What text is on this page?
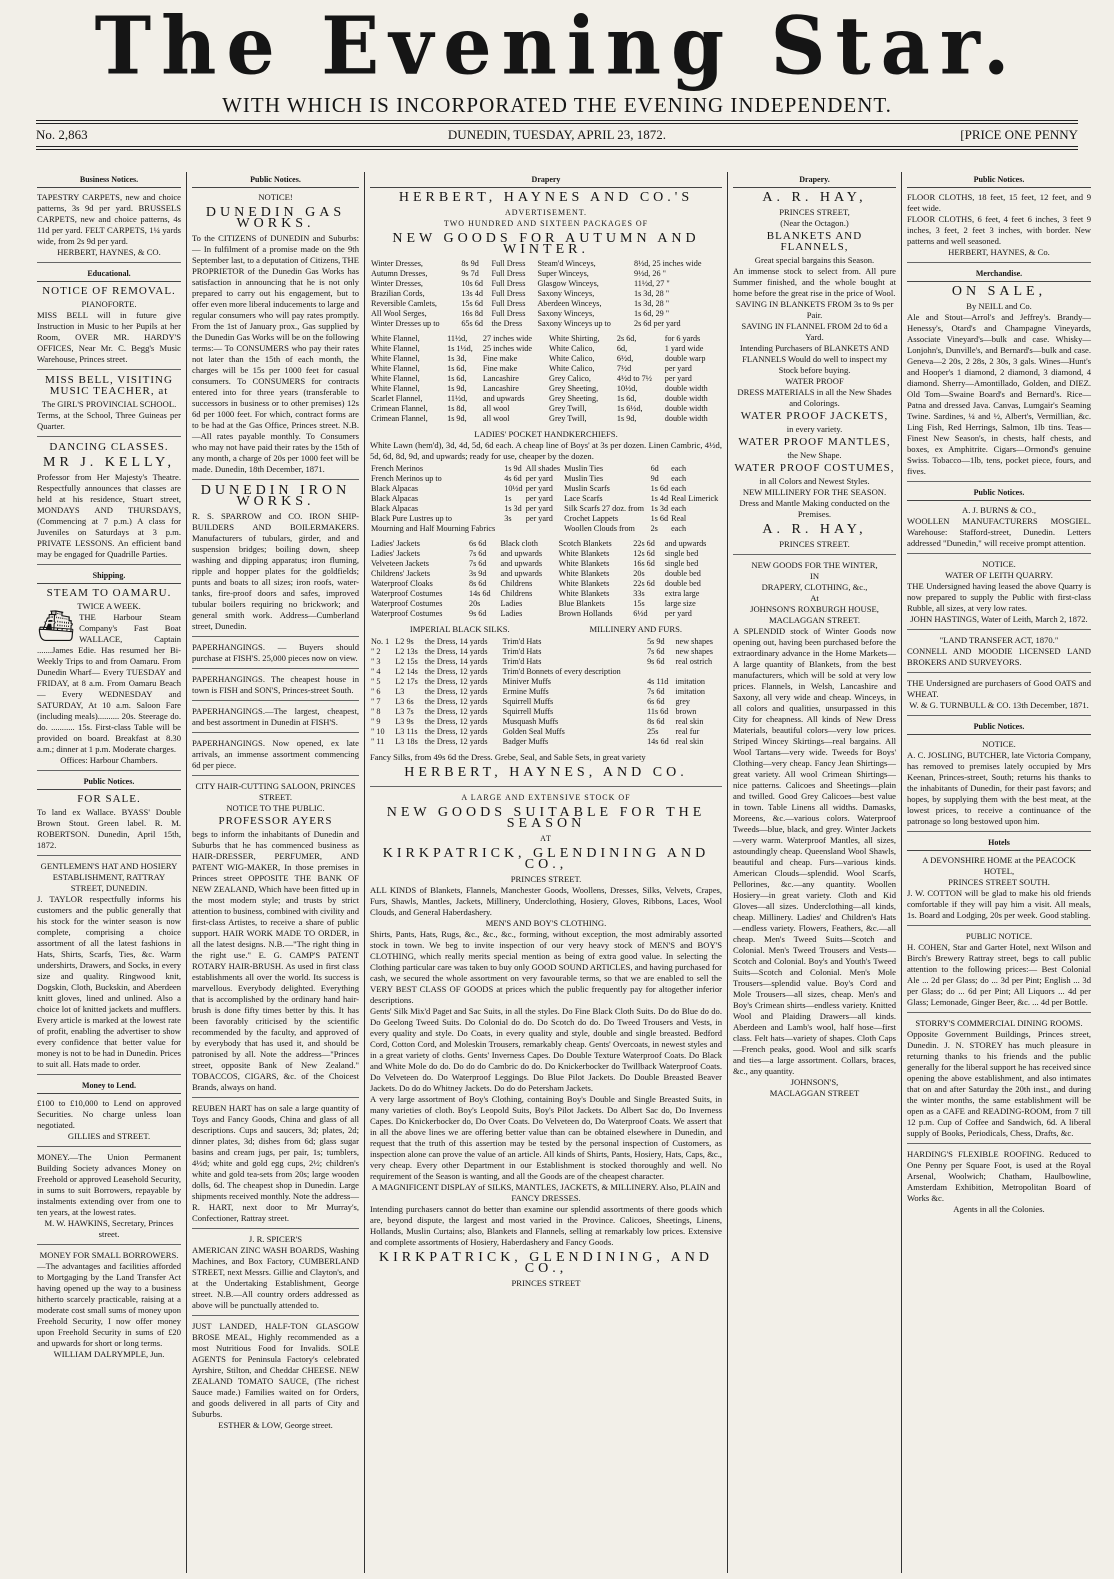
The Evening Star.
WITH WHICH IS INCORPORATED THE EVENING INDEPENDENT.
No. 2,863	DUNEDIN, TUESDAY, APRIL 23, 1872.	[PRICE ONE PENNY
Business Notices.
TAPESTRY CARPETS, new and choice patterns, 3s 9d per yard. BRUSSELS CARPETS, new and choice patterns, 4s 11d per yard. FELT CARPETS, 1¼ yards wide, from 2s 9d per yard.
HERBERT, HAYNES, & CO.
Educational.
NOTICE OF REMOVAL.
PIANOFORTE.
MISS BELL will in future give Instruction in Music to her Pupils at her Room, OVER MR. HARDY'S OFFICES, Near Mr. C. Begg's Music Warehouse, Princes street.
MISS BELL, VISITING MUSIC TEACHER, at
The GIRL'S PROVINCIAL SCHOOL.
Terms, at the School, Three Guineas per Quarter.
DANCING CLASSES.
MR J. KELLY,
Professor from Her Majesty's Theatre. Respectfully announces that classes are held at his residence, Stuart street, MONDAYS AND THURSDAYS, (Commencing at 7 p.m.) A class for Juveniles on Saturdays at 3 p.m. PRIVATE LESSONS. An efficient band may be engaged for Quadrille Parties.
Shipping.
STEAM TO OAMARU.
TWICE A WEEK.
⛴ THE Harbour Steam Company's Fast Boat WALLACE, Captain .......James Edie. Has resumed her Bi-Weekly Trips to and from Oamaru. From Dunedin Wharf— Every TUESDAY and FRIDAY, at 8 a.m. From Oamaru Beach— Every WEDNESDAY and SATURDAY, At 10 a.m. Saloon Fare (including meals).......... 20s. Steerage do. do. ........... 15s. First-class Table will be provided on board. Breakfast at 8.30 a.m.; dinner at 1 p.m. Moderate charges.
Offices: Harbour Chambers.
Public Notices.
FOR SALE.
To land ex Wallace. BYASS' Double Brown Stout. Green label. R. M. ROBERTSON. Dunedin, April 15th, 1872.
GENTLEMEN'S HAT AND HOSIERY ESTABLISHMENT, RATTRAY STREET, DUNEDIN.
J. TAYLOR respectfully informs his customers and the public generally that his stock for the winter season is now complete, comprising a choice assortment of all the latest fashions in Hats, Shirts, Scarfs, Ties, &c. Warm undershirts, Drawers, and Socks, in every size and quality. Ringwood knit, Dogskin, Cloth, Buckskin, and Aberdeen knitt gloves, lined and unlined. Also a choice lot of knitted jackets and mufflers. Every article is marked at the lowest rate of profit, enabling the advertiser to show every confidence that better value for money is not to be had in Dunedin. Prices to suit all. Hats made to order.
Money to Lend.
£100 to £10,000 to Lend on approved Securities. No charge unless loan negotiated.
GILLIES and STREET.
MONEY.—The Union Permanent Building Society advances Money on Freehold or approved Leasehold Security, in sums to suit Borrowers, repayable by instalments extending over from one to ten years, at the lowest rates.
M. W. HAWKINS, Secretary, Princes street.
MONEY FOR SMALL BORROWERS.
—The advantages and facilities afforded to Mortgaging by the Land Transfer Act having opened up the way to a business hitherto scarcely practicable, raising at a moderate cost small sums of money upon Freehold Security, I now offer money upon Freehold Security in sums of £20 and upwards for short or long terms.
WILLIAM DALRYMPLE, Jun.
Public Notices.
NOTICE!
DUNEDIN GAS WORKS.
To the CITIZENS of DUNEDIN and Suburbs:— In fulfilment of a promise made on the 9th September last, to a deputation of Citizens, THE PROPRIETOR of the Dunedin Gas Works has satisfaction in announcing that he is not only prepared to carry out his engagement, but to offer even more liberal inducements to large and regular consumers who will pay rates promptly. From the 1st of January prox., Gas supplied by the Dunedin Gas Works will be on the following terms:— To CONSUMERS who pay their rates not later than the 15th of each month, the charges will be 15s per 1000 feet for casual consumers. To CONSUMERS for contracts entered into for three years (transferable to successors in business or to other premises) 12s 6d per 1000 feet. For which, contract forms are to be had at the Gas Office, Princes street. N.B.—All rates payable monthly. To Consumers who may not have paid their rates by the 15th of any month, a charge of 20s per 1000 feet will be made. Dunedin, 18th December, 1871.
DUNEDIN IRON WORKS.
R. S. SPARROW and CO. IRON SHIP-BUILDERS AND BOILERMAKERS. Manufacturers of tubulars, girder, and and suspension bridges; boiling down, sheep washing and dipping apparatus; iron fluming, ripple and hopper plates for the goldfields; punts and boats to all sizes; iron roofs, water-tanks, fire-proof doors and safes, improved tubular boilers requiring no brickwork; and general smith work. Address—Cumberland street, Dunedin.
PAPERHANGINGS. — Buyers should purchase at FISH'S. 25,000 pieces now on view.
PAPERHANGINGS. The cheapest house in town is FISH and SON'S, Princes-street South.
PAPERHANGINGS.—The largest, cheapest, and best assortment in Dunedin at FISH'S.
PAPERHANGINGS. Now opened, ex late arrivals, an immense assortment commencing 6d per piece.
CITY HAIR-CUTTING SALOON, PRINCES STREET.
NOTICE TO THE PUBLIC.
PROFESSOR AYERS
begs to inform the inhabitants of Dunedin and Suburbs that he has commenced business as HAIR-DRESSER, PERFUMER, AND PATENT WIG-MAKER, In those premises in Princes street OPPOSITE THE BANK OF NEW ZEALAND, Which have been fitted up in the most modern style; and trusts by strict attention to business, combined with civility and first-class Artistes, to receive a share of public support. HAIR WORK MADE TO ORDER, in all the latest designs. N.B.—"The right thing in the right use." E. G. CAMP'S PATENT ROTARY HAIR-BRUSH. As used in first class establishments all over the world. Its success is marvellous. Everybody delighted. Everything that is accomplished by the ordinary hand hair-brush is done fifty times better by this. It has been favorably criticised by the scientific recommended by the faculty, and approved of by everybody that has used it, and should be patronised by all. Note the address—"Princes street, opposite Bank of New Zealand." TOBACCOS, CIGARS, &c. of the Choicest Brands, always on hand.
REUBEN HART has on sale a large quantity of Toys and Fancy Goods, China and glass of all descriptions. Cups and saucers, 3d; plates, 2d; dinner plates, 3d; dishes from 6d; glass sugar basins and cream jugs, per pair, 1s; tumblers, 4½d; white and gold egg cups, 2½; children's white and gold tea-sets from 20s; large wooden dolls, 6d. The cheapest shop in Dunedin. Large shipments received monthly. Note the address—R. HART, next door to Mr Murray's, Confectioner, Rattray street.
J. R. SPICER'S
AMERICAN ZINC WASH BOARDS, Washing Machines, and Box Factory, CUMBERLAND STREET, next Messrs. Gillie and Clayton's, and at the Undertaking Establishment, George street. N.B.—All country orders addressed as above will be punctually attended to.
JUST LANDED, HALF-TON GLASGOW BROSE MEAL, Highly recommended as a most Nutritious Food for Invalids. SOLE AGENTS for Peninsula Factory's celebrated Ayrshire, Stilton, and Cheddar CHEESE. NEW ZEALAND TOMATO SAUCE, (The richest Sauce made.) Families waited on for Orders, and goods delivered in all parts of City and Suburbs.
ESTHER & LOW, George street.
Drapery
HERBERT, HAYNES AND CO.'S
ADVERTISEMENT.
TWO HUNDRED AND SIXTEEN PACKAGES OF
NEW GOODS FOR AUTUMN AND WINTER.
Winter Dresses,	8s 9d	Full Dress	Steam'd Winceys,	8½d, 25 inches wide
Autumn Dresses,	9s 7d	Full Dress	Super Winceys,	9½d, 26 "
Winter Dresses,	10s 6d	Full Dress	Glasgow Winceys,	11½d, 27 "
Brazilian Cords,	13s 4d	Full Dress	Saxony Winceys,	1s 3d, 28 "
Reversible Camlets,	15s 6d	Full Dress	Aberdeen Winceys,	1s 3d, 28 "
All Wool Serges,	16s 8d	Full Dress	Saxony Winceys,	1s 6d, 29 "
Winter Dresses up to	65s 6d	the Dress	Saxony Winceys up to	2s 6d per yard
White Flannel,	11½d,	27 inches wide	White Shirting,	2s 6d,	for 6 yards
White Flannel,	1s 1½d,	25 inches wide	White Calico,	6d,	1 yard wide
White Flannel,	1s 3d,	Fine make	White Calico,	6½d,	double warp
White Flannel,	1s 6d,	Fine make	White Calico,	7½d	per yard
White Flannel,	1s 6d,	Lancashire	Grey Calico,	4½d to 7½	per yard
White Flannel,	1s 9d,	Lancashire	Grey Sheeting,	10½d,	double width
Scarlet Flannel,	11½d,	and upwards	Grey Sheeting,	1s 6d,	double width
Crimean Flannel,	1s 8d,	all wool	Grey Twill,	1s 6½d,	double width
Crimean Flannel,	1s 9d,	all wool	Grey Twill,	1s 9d,	double width
LADIES' POCKET HANDKERCHIEFS.
White Lawn (hem'd), 3d, 4d, 5d, 6d each. A cheap line of Boys' at 3s per dozen. Linen Cambric, 4½d, 5d, 6d, 8d, 9d, and upwards; ready for use, cheaper by the dozen.
French Merinos	1s 9d	All shades	Muslin Ties	6d	each
French Merinos up to	4s 6d	per yard	Muslin Ties	9d	each
Black Alpacas	10½d	per yard	Muslin Scarfs	1s 6d	each
Black Alpacas	1s	per yard	Lace Scarfs	1s 4d	Real Limerick
Black Alpacas	1s 3d	per yard	Silk Scarfs 27 doz. from	1s 3d	each
Black Pure Lustres up to	3s	per yard	Crochet Lappets	1s 6d	Real
Mourning and Half Mourning Fabrics			Woollen Clouds from	2s	each
Ladies' Jackets	6s 6d	Black cloth	Scotch Blankets	22s 6d	and upwards
Ladies' Jackets	7s 6d	and upwards	White Blankets	12s 6d	single bed
Velveteen Jackets	7s 6d	and upwards	White Blankets	16s 6d	single bed
Childrens' Jackets	3s 9d	and upwards	White Blankets	20s	double bed
Waterproof Cloaks	8s 6d	Childrens	White Blankets	22s 6d	double bed
Waterproof Costumes	14s 6d	Childrens	White Blankets	33s	extra large
Waterproof Costumes	20s	Ladies	Blue Blankets	15s	large size
Waterproof Costumes	9s 6d	Ladies	Brown Hollands	6½d	per yard
IMPERIAL BLACK SILKS.	MILLINERY AND FURS.
No. 1	L2 9s	the Dress, 14 yards	Trim'd Hats	5s 9d	new shapes
" 2	L2 13s	the Dress, 14 yards	Trim'd Hats	7s 6d	new shapes
" 3	L2 15s	the Dress, 14 yards	Trim'd Hats	9s 6d	real ostrich
" 4	L2 14s	the Dress, 12 yards	Trim'd Bonnets of every description		
" 5	L2 17s	the Dress, 12 yards	Miniver Muffs	4s 11d	imitation
" 6	L3	the Dress, 12 yards	Ermine Muffs	7s 6d	imitation
" 7	L3 6s	the Dress, 12 yards	Squirrell Muffs	6s 6d	grey
" 8	L3 7s	the Dress, 12 yards	Squirrell Muffs	11s 6d	brown
" 9	L3 9s	the Dress, 12 yards	Musquash Muffs	8s 6d	real skin
" 10	L3 11s	the Dress, 12 yards	Golden Seal Muffs	25s	real fur
" 11	L3 18s	the Dress, 12 yards	Badger Muffs	14s 6d	real skin
Fancy Silks, from 49s 6d the Dress. Grebe, Seal, and Sable Sets, in great variety
HERBERT, HAYNES, AND CO.
A LARGE AND EXTENSIVE STOCK OF
NEW GOODS SUITABLE FOR THE SEASON
AT
KIRKPATRICK, GLENDINING AND CO.,
PRINCES STREET.
ALL KINDS of Blankets, Flannels, Manchester Goods, Woollens, Dresses, Silks, Velvets, Crapes, Furs, Shawls, Mantles, Jackets, Millinery, Underclothing, Hosiery, Gloves, Ribbons, Laces, Wool Clouds, and General Haberdashery.
MEN'S AND BOY'S CLOTHING.
Shirts, Pants, Hats, Rugs, &c., &c., &c., forming, without exception, the most admirably assorted stock in town. We beg to invite inspection of our very heavy stock of MEN'S and BOY'S CLOTHING, which really merits special mention as being of extra good value. In selecting the Clothing particular care was taken to buy only GOOD SOUND ARTICLES, and having purchased for cash, we secured the whole assortment on very favourable terms, so that we are enabled to sell the VERY BEST CLASS OF GOODS at prices which the public frequently pay for altogether inferior descriptions.
Gents' Silk Mix'd Paget and Sac Suits, in all the styles. Do Fine Black Cloth Suits. Do do Blue do do. Do Geelong Tweed Suits. Do Colonial do do. Do Scotch do do. Do Tweed Trousers and Vests, in every quality and style. Do Coats, in every quality and style, double and single breasted. Bedford Cord, Cotton Cord, and Moleskin Trousers, remarkably cheap. Gents' Overcoats, in newest styles and in a great variety of cloths. Gents' Inverness Capes. Do Double Texture Waterproof Coats. Do Black and White Mole do do. Do do do Cambric do do. Do Knickerbocker do Twillback Waterproof Coats. Do Velveteen do. Do Waterproof Leggings. Do Blue Pilot Jackets. Do Double Breasted Beaver Jackets. Do do do Whitney Jackets. Do do do Petersham Jackets.
A very large assortment of Boy's Clothing, containing Boy's Double and Single Breasted Suits, in many varieties of cloth. Boy's Leopold Suits, Boy's Pilot Jackets. Do Albert Sac do, Do Inverness Capes. Do Knickerbocker do, Do Over Coats. Do Velveteen do, Do Waterproof Coats. We assert that in all the above lines we are offering better value than can be obtained elsewhere in Dunedin, and request that the truth of this assertion may be tested by the personal inspection of Customers, as inspection alone can prove the value of an article. All kinds of Shirts, Pants, Hosiery, Hats, Caps, &c., very cheap. Every other Department in our Establishment is stocked thoroughly and well. No requirement of the Season is wanting, and all the Goods are of the cheapest character.
A MAGNIFICENT DISPLAY of SILKS, MANTLES, JACKETS, & MILLINERY. Also, PLAIN and FANCY DRESSES.
Intending purchasers cannot do better than examine our splendid assortments of there goods which are, beyond dispute, the largest and most varied in the Province. Calicoes, Sheetings, Linens, Hollands, Muslin Curtains; also, Blankets and Flannels, selling at remarkably low prices. Extensive and complete assortments of Hosiery, Haberdashery and Fancy Goods.
KIRKPATRICK, GLENDINING, AND CO.,
PRINCES STREET
Drapery.
A. R. HAY,
PRINCES STREET,
(Near the Octagon.)
BLANKETS AND FLANNELS,
Great special bargains this Season.
An immense stock to select from. All pure Summer finished, and the whole bought at home before the great rise in the price of Wool.
SAVING IN BLANKETS FROM 3s to 9s per Pair.
SAVING IN FLANNEL FROM 2d to 6d a Yard.
Intending Purchasers of BLANKETS AND FLANNELS Would do well to inspect my Stock before buying.
WATER PROOF
DRESS MATERIALS in all the New Shades and Colorings.
WATER PROOF JACKETS,
in every variety.
WATER PROOF MANTLES,
the New Shape.
WATER PROOF COSTUMES,
in all Colors and Newest Styles.
NEW MILLINERY FOR THE SEASON.
Dress and Mantle Making conducted on the Premises.
A. R. HAY,
PRINCES STREET.
NEW GOODS FOR THE WINTER,
IN
DRAPERY, CLOTHING, &c.,
At
JOHNSON'S ROXBURGH HOUSE,
MACLAGGAN STREET.
A SPLENDID stock of Winter Goods now opening out, having been purchased before the extraordinary advance in the Home Markets— A large quantity of Blankets, from the best manufacturers, which will be sold at very low prices. Flannels, in Welsh, Lancashire and Saxony, all very wide and cheap. Winceys, in all colors and qualities, unsurpassed in this City for cheapness. All kinds of New Dress Materials, beautiful colors—very low prices. Striped Wincey Skirtings—real bargains. All Wool Tartans—very wide. Tweeds for Boys' Clothing—very cheap. Fancy Jean Shirtings—great variety. All wool Crimean Shirtings—nice patterns. Calicoes and Sheetings—plain and twilled. Good Grey Calicoes—best value in town. Table Linens all widths. Damasks, Moreens, &c.—various colors. Waterproof Tweeds—blue, black, and grey. Winter Jackets—very warm. Waterproof Mantles, all sizes, astoundingly cheap. Queensland Wool Shawls, beautiful and cheap. Furs—various kinds. American Clouds—splendid. Wool Scarfs, Pellorines, &c.—any quantity. Woollen Hosiery—in great variety. Cloth and Kid Gloves—all sizes. Underclothing—all kinds, cheap. Millinery. Ladies' and Children's Hats—endless variety. Flowers, Feathers, &c.—all cheap. Men's Tweed Suits—Scotch and Colonial. Men's Tweed Trousers and Vests—Scotch and Colonial. Boy's and Youth's Tweed Suits—Scotch and Colonial. Men's Mole Trousers—splendid value. Boy's Cord and Mole Trousers—all sizes, cheap. Men's and Boy's Crimean shirts—endless variety. Knitted Wool and Plaiding Drawers—all kinds. Aberdeen and Lamb's wool, half hose—first class. Felt hats—variety of shapes. Cloth Caps—French peaks, good. Wool and silk scarfs and ties—a large assortment. Collars, braces, &c., any quantity.
JOHNSON'S,
MACLAGGAN STREET
Public Notices.
FLOOR CLOTHS, 18 feet, 15 feet, 12 feet, and 9 feet wide.
FLOOR CLOTHS, 6 feet, 4 feet 6 inches, 3 feet 9 inches, 3 feet, 2 feet 3 inches, with border. New patterns and well seasoned.
HERBERT, HAYNES, & Co.
Merchandise.
ON SALE,
By NEILL and Co.
Ale and Stout—Arrol's and Jeffrey's. Brandy—Henessy's, Otard's and Champagne Vineyards, Associate Vineyard's—bulk and case. Whisky—Lonjohn's, Dunville's, and Bernard's—bulk and case. Geneva—2 20s, 2 28s, 2 30s, 3 gals. Wines—Hunt's and Hooper's 1 diamond, 2 diamond, 3 diamond, 4 diamond. Sherry—Amontillado, Golden, and DIEZ. Old Tom—Swaine Board's and Bernard's. Rice—Patna and dressed Java. Canvas, Lumgair's Seaming Twine. Sardines, ¼ and ½, Albert's, Vermillian, &c. Ling Fish, Red Herrings, Salmon, 1lb tins. Teas—Finest New Season's, in chests, half chests, and boxes, ex Amphitrite. Cigars—Ormond's genuine Swiss. Tobacco—1lb, tens, pocket piece, fours, and fives.
Public Notices.
A. J. BURNS & CO.,
WOOLLEN MANUFACTURERS MOSGIEL. Warehouse: Stafford-street, Dunedin. Letters addressed "Dunedin," will receive prompt attention.
NOTICE.
WATER OF LEITH QUARRY.
THE Undersigned having leased the above Quarry is now prepared to supply the Public with first-class Rubble, all sizes, at very low rates.
JOHN HASTINGS, Water of Leith, March 2, 1872.
"LAND TRANSFER ACT, 1870."
CONNELL AND MOODIE LICENSED LAND BROKERS AND SURVEYORS.
THE Undersigned are purchasers of Good OATS and WHEAT.
W. & G. TURNBULL & CO. 13th December, 1871.
Public Notices.
NOTICE.
A. C. JOSLING, BUTCHER, late Victoria Company, has removed to premises lately occupied by Mrs Keenan, Princes-street, South; returns his thanks to the inhabitants of Dunedin, for their past favors; and hopes, by supplying them with the best meat, at the lowest prices, to receive a continuance of the patronage so long bestowed upon him.
Hotels
A DEVONSHIRE HOME at the PEACOCK HOTEL,
PRINCES STREET SOUTH.
J. W. COTTON will be glad to make his old friends comfortable if they will pay him a visit. All meals, 1s. Board and Lodging, 20s per week. Good stabling.
PUBLIC NOTICE.
H. COHEN, Star and Garter Hotel, next Wilson and Birch's Brewery Rattray street, begs to call public attention to the following prices:— Best Colonial Ale ... 2d per Glass; do ... 3d per Pint; English ... 3d per Glass; do ... 6d per Pint; All Liquors ... 4d per Glass; Lemonade, Ginger Beer, &c. ... 4d per Bottle.
STORRY'S COMMERCIAL DINING ROOMS.
Opposite Government Buildings, Princes street, Dunedin. J. N. STOREY has much pleasure in returning thanks to his friends and the public generally for the liberal support he has received since opening the above establishment, and also intimates that on and after Saturday the 20th inst., and during the winter months, the same establishment will be open as a CAFE and READING-ROOM, from 7 till 12 p.m. Cup of Coffee and Sandwich, 6d. A liberal supply of Books, Periodicals, Chess, Drafts, &c.
HARDING'S FLEXIBLE ROOFING. Reduced to One Penny per Square Foot, is used at the Royal Arsenal, Woolwich; Chatham, Haulbowline, Amsterdam Exhibition, Metropolitan Board of Works &c.
Agents in all the Colonies.
